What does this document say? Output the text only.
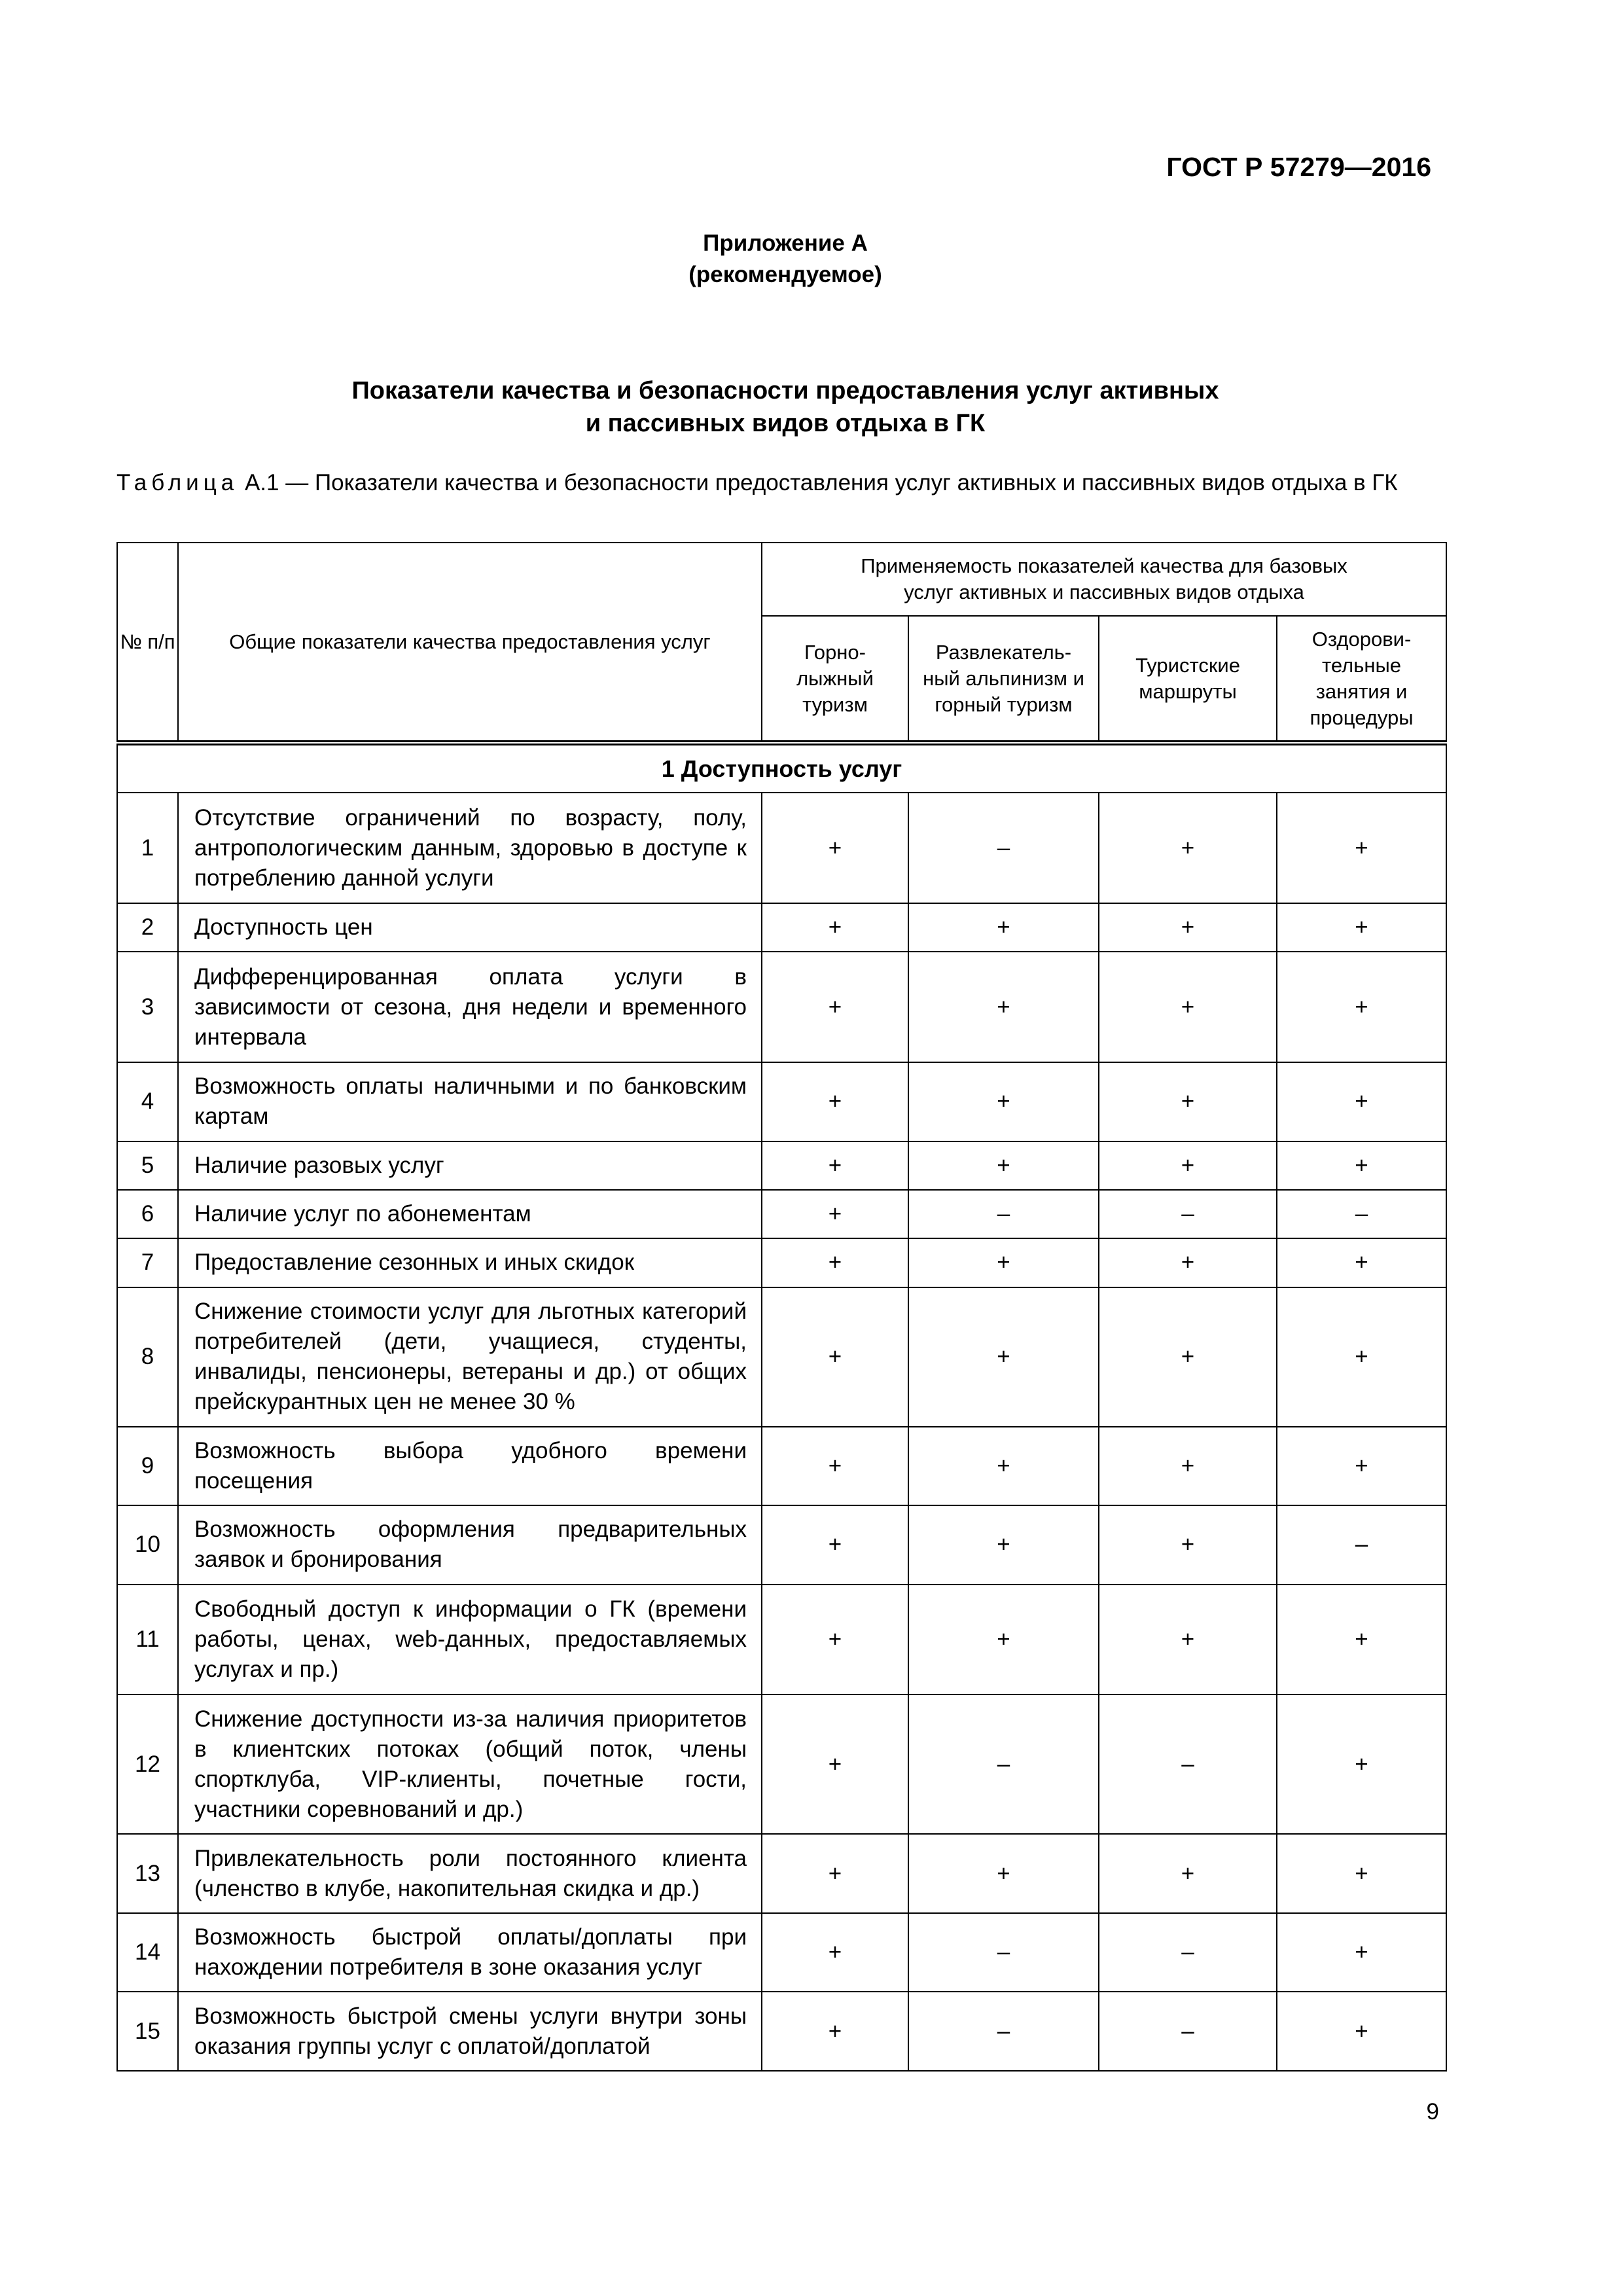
ГОСТ Р 57279—2016
Приложение А
(рекомендуемое)
Показатели качества и безопасности предоставления услуг активных
и пассивных видов отдыха в ГК
Таблица А.1 — Показатели качества и безопасности предоставления услуг активных и пассивных видов отдыха в ГК
№ п/п	Общие показатели качества предоставления услуг	Применяемость показателей качества для базовых услуг активных и пассивных видов отдыха			
		Горно-лыжный туризм	Развлекатель-ный альпинизм и горный туризм	Туристские маршруты	Оздорови-тельные занятия и процедуры
1 Доступность услуг					
1	Отсутствие ограничений по возрасту, полу, антропологическим данным, здоровью в доступе к потреблению данной услуги	+	–	+	+
2	Доступность цен	+	+	+	+
3	Дифференцированная оплата услуги в зависимости от сезона, дня недели и временного интервала	+	+	+	+
4	Возможность оплаты наличными и по банковским картам	+	+	+	+
5	Наличие разовых услуг	+	+	+	+
6	Наличие услуг по абонементам	+	–	–	–
7	Предоставление сезонных и иных скидок	+	+	+	+
8	Снижение стоимости услуг для льготных категорий потребителей (дети, учащиеся, студенты, инвалиды, пенсионеры, ветераны и др.) от общих прейскурантных цен не менее 30 %	+	+	+	+
9	Возможность выбора удобного времени посещения	+	+	+	+
10	Возможность оформления предварительных заявок и бронирования	+	+	+	–
11	Свободный доступ к информации о ГК (времени работы, ценах, web-данных, предоставляемых услугах и пр.)	+	+	+	+
12	Снижение доступности из-за наличия приоритетов в клиентских потоках (общий поток, члены спортклуба, VIP-клиенты, почетные гости, участники соревнований и др.)	+	–	–	+
13	Привлекательность роли постоянного клиента (членство в клубе, накопительная скидка и др.)	+	+	+	+
14	Возможность быстрой оплаты/доплаты при нахождении потребителя в зоне оказания услуг	+	–	–	+
15	Возможность быстрой смены услуги внутри зоны оказания группы услуг с оплатой/доплатой	+	–	–	+
9
